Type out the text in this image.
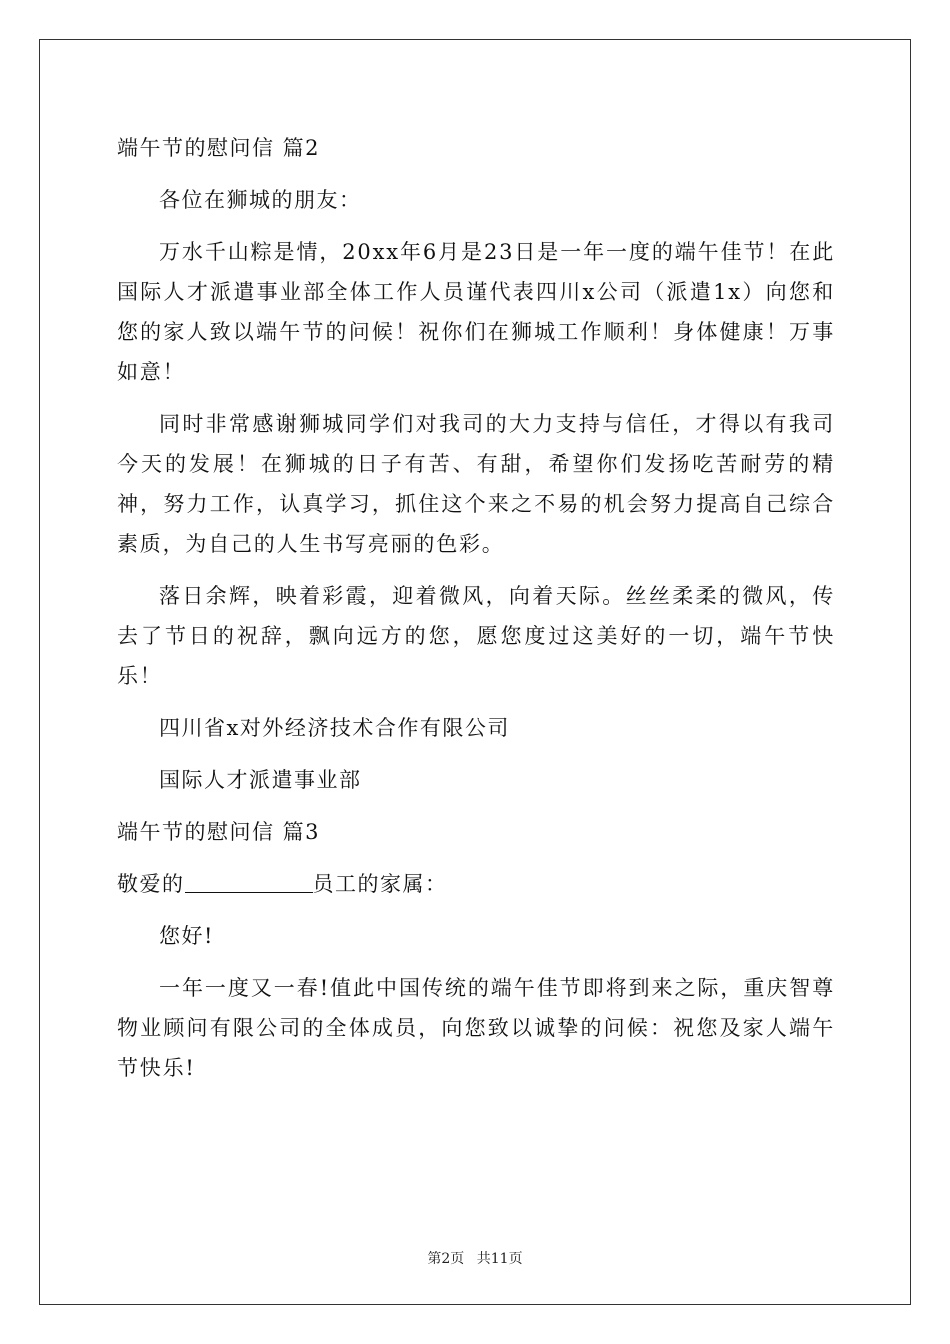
端午节的慰问信 篇2
各位在狮城的朋友：

万水千山粽是情，20xx年6月是23日是一年一度的端午佳节！在此国际人才派遣事业部全体工作人员谨代表四川x公司（派遣1x）向您和您的家人致以端午节的问候！祝你们在狮城工作顺利！身体健康！万事如意！

同时非常感谢狮城同学们对我司的大力支持与信任，才得以有我司今天的发展！在狮城的日子有苦、有甜，希望你们发扬吃苦耐劳的精神，努力工作，认真学习，抓住这个来之不易的机会努力提高自己综合素质，为自己的人生书写亮丽的色彩。

落日余辉，映着彩霞，迎着微风，向着天际。丝丝柔柔的微风，传去了节日的祝辞，飘向远方的您，愿您度过这美好的一切，端午节快乐！

四川省x对外经济技术合作有限公司
国际人才派遣事业部
端午节的慰问信 篇3
敬爱的	员工的家属：
您好!

一年一度又一春!值此中国传统的端午佳节即将到来之际，重庆智尊物业顾问有限公司的全体成员，向您致以诚挚的问候：祝您及家人端午节快乐!

第2页 共11页
